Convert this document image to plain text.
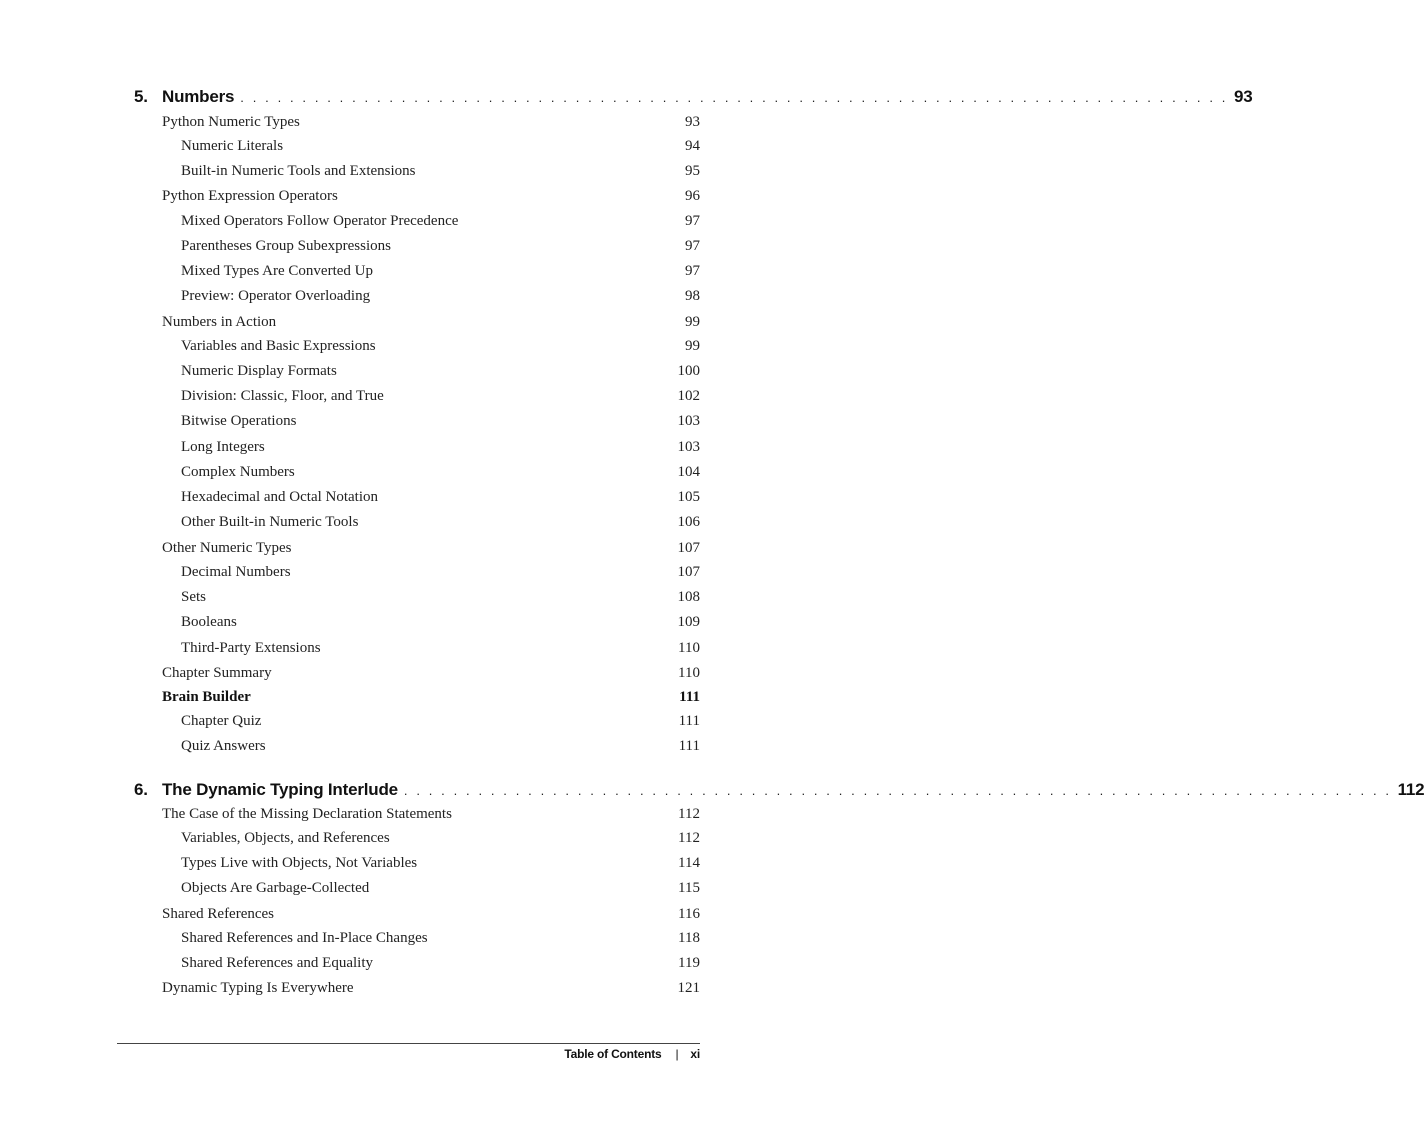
5. Numbers . . . . . . . . . . . . . . . . . . . . . . . . . . . . . . . . . . . . . . . . . . . . . . . . . . . . . . . . . . . . . . . . . . . . . . . . . . . . . . . . 93
Python Numeric Types	93
Numeric Literals	94
Built-in Numeric Tools and Extensions	95
Python Expression Operators	96
Mixed Operators Follow Operator Precedence	97
Parentheses Group Subexpressions	97
Mixed Types Are Converted Up	97
Preview: Operator Overloading	98
Numbers in Action	99
Variables and Basic Expressions	99
Numeric Display Formats	100
Division: Classic, Floor, and True	102
Bitwise Operations	103
Long Integers	103
Complex Numbers	104
Hexadecimal and Octal Notation	105
Other Built-in Numeric Tools	106
Other Numeric Types	107
Decimal Numbers	107
Sets	108
Booleans	109
Third-Party Extensions	110
Chapter Summary	110
Brain Builder	111
Chapter Quiz	111
Quiz Answers	111
6. The Dynamic Typing Interlude . . . . . . . . . . . . . . . . . . . . . . . . . . . . . . . . . . . . . . . . . . . . . . . . . . . . . . . . . . . . . . . . . . . . . . . . . . . . . . . . 112
The Case of the Missing Declaration Statements	112
Variables, Objects, and References	112
Types Live with Objects, Not Variables	114
Objects Are Garbage-Collected	115
Shared References	116
Shared References and In-Place Changes	118
Shared References and Equality	119
Dynamic Typing Is Everywhere	121
Table of Contents | xi
